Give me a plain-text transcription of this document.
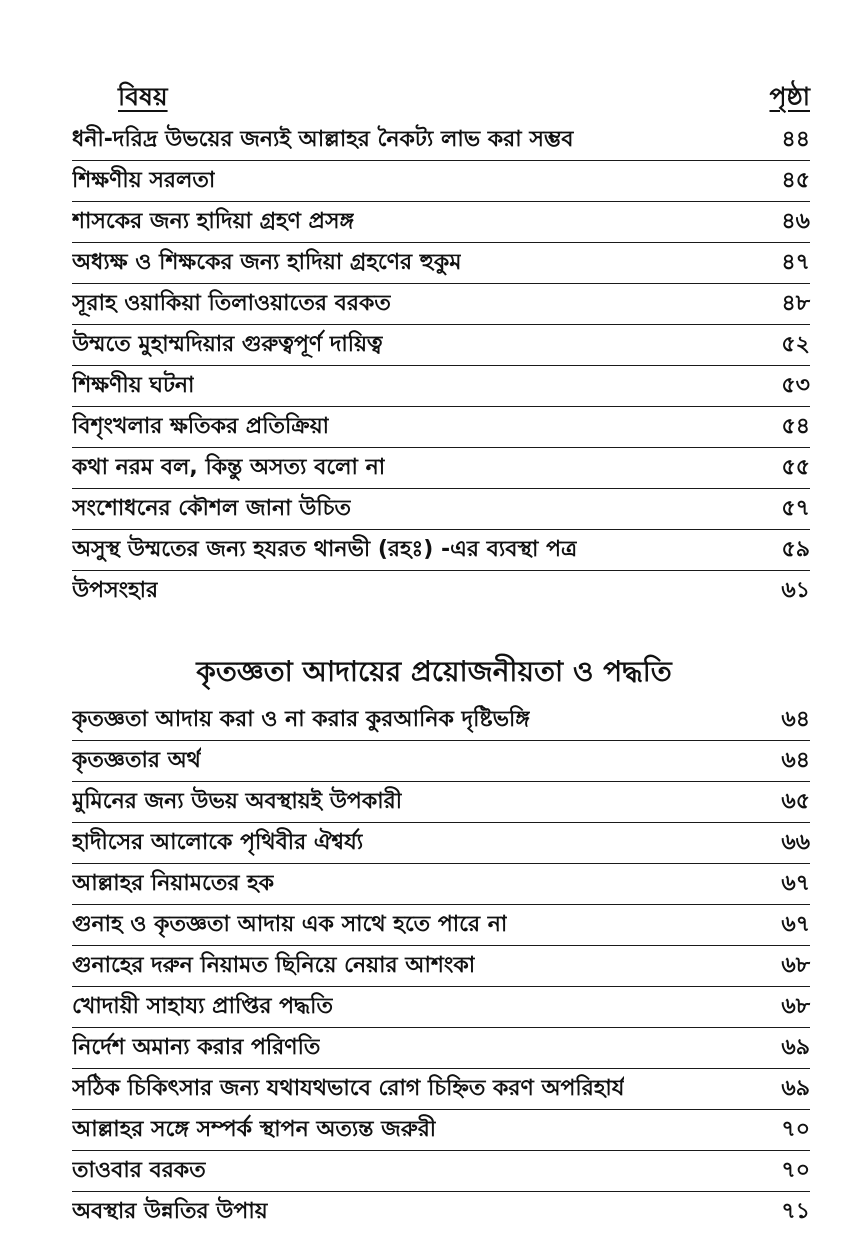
বিষয়	পৃষ্ঠা
ধনী-দরিদ্র উভয়ের জন্যই আল্লাহর নৈকট্য লাভ করা সম্ভব	৪৪
শিক্ষণীয় সরলতা	৪৫
শাসকের জন্য হাদিয়া গ্রহণ প্রসঙ্গ	৪৬
অধ্যক্ষ ও শিক্ষকের জন্য হাদিয়া গ্রহণের হুকুম	৪৭
সূরাহ ওয়াকিয়া তিলাওয়াতের বরকত	৪৮
উম্মতে মুহাম্মদিয়ার গুরুত্বপূর্ণ দায়িত্ব	৫২
শিক্ষণীয় ঘটনা	৫৩
বিশৃংখলার ক্ষতিকর প্রতিক্রিয়া	৫৪
কথা নরম বল, কিন্তু অসত্য বলো না	৫৫
সংশোধনের কৌশল জানা উচিত	৫৭
অসুস্থ উম্মতের জন্য হযরত থানভী (রহঃ) -এর ব্যবস্থা পত্র	৫৯
উপসংহার	৬১
কৃতজ্ঞতা আদায়ের প্রয়োজনীয়তা ও পদ্ধতি
কৃতজ্ঞতা আদায় করা ও না করার কুরআনিক দৃষ্টিভঙ্গি	৬৪
কৃতজ্ঞতার অর্থ	৬৪
মুমিনের জন্য উভয় অবস্থায়ই উপকারী	৬৫
হাদীসের আলোকে পৃথিবীর ঐশ্বর্য্য	৬৬
আল্লাহর নিয়ামতের হক	৬৭
গুনাহ ও কৃতজ্ঞতা আদায় এক সাথে হতে পারে না	৬৭
গুনাহের দরুন নিয়ামত ছিনিয়ে নেয়ার আশংকা	৬৮
খোদায়ী সাহায্য প্রাপ্তির পদ্ধতি	৬৮
নির্দেশ অমান্য করার পরিণতি	৬৯
সঠিক চিকিৎসার জন্য যথাযথভাবে রোগ চিহ্নিত করণ অপরিহার্য	৬৯
আল্লাহর সঙ্গে সম্পর্ক স্থাপন অত্যন্ত জরুরী	৭০
তাওবার বরকত	৭০
অবস্থার উন্নতির উপায়	৭১
